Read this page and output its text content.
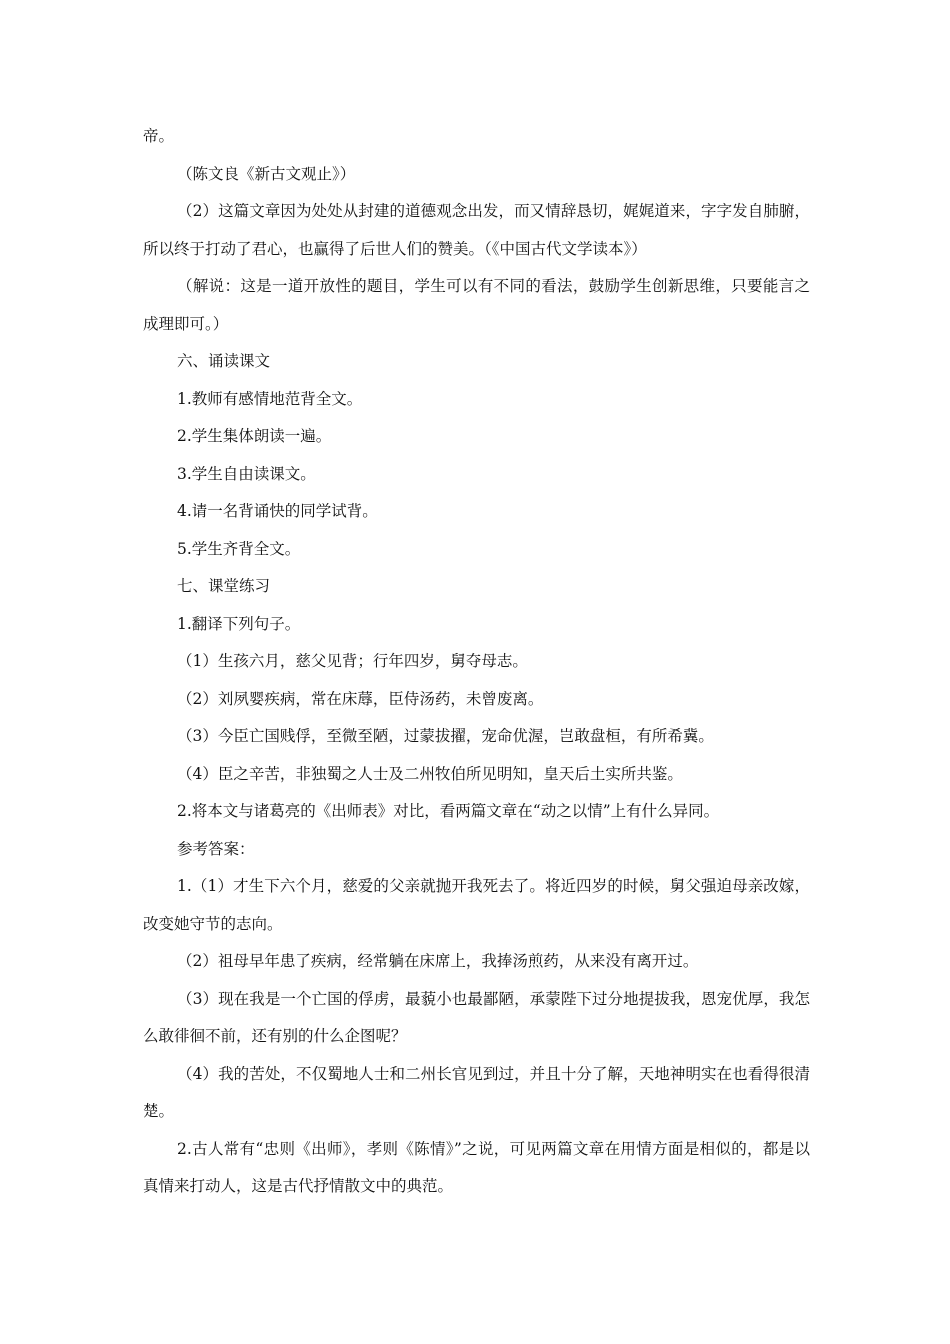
帝。

（陈文良《新古文观止》）

（2）这篇文章因为处处从封建的道德观念出发，而又情辞恳切，娓娓道来，字字发自肺腑，所以终于打动了君心，也赢得了后世人们的赞美。（《中国古代文学读本》）

（解说：这是一道开放性的题目，学生可以有不同的看法，鼓励学生创新思维，只要能言之成理即可。）

六、诵读课文

1.教师有感情地范背全文。

2.学生集体朗读一遍。

3.学生自由读课文。

4.请一名背诵快的同学试背。

5.学生齐背全文。

七、课堂练习

1.翻译下列句子。

（1）生孩六月，慈父见背；行年四岁，舅夺母志。

（2）刘夙婴疾病，常在床蓐，臣侍汤药，未曾废离。

（3）今臣亡国贱俘，至微至陋，过蒙拔擢，宠命优渥，岂敢盘桓，有所希冀。

（4）臣之辛苦，非独蜀之人士及二州牧伯所见明知，皇天后土实所共鉴。

2.将本文与诸葛亮的《出师表》对比，看两篇文章在“动之以情”上有什么异同。

参考答案：

1.（1）才生下六个月，慈爱的父亲就抛开我死去了。将近四岁的时候，舅父强迫母亲改嫁，改变她守节的志向。

（2）祖母早年患了疾病，经常躺在床席上，我捧汤煎药，从来没有离开过。

（3）现在我是一个亡国的俘虏，最藐小也最鄙陋，承蒙陛下过分地提拔我，恩宠优厚，我怎么敢徘徊不前，还有别的什么企图呢？

（4）我的苦处，不仅蜀地人士和二州长官见到过，并且十分了解，天地神明实在也看得很清楚。

2.古人常有“忠则《出师》，孝则《陈情》”之说，可见两篇文章在用情方面是相似的，都是以真情来打动人，这是古代抒情散文中的典范。
